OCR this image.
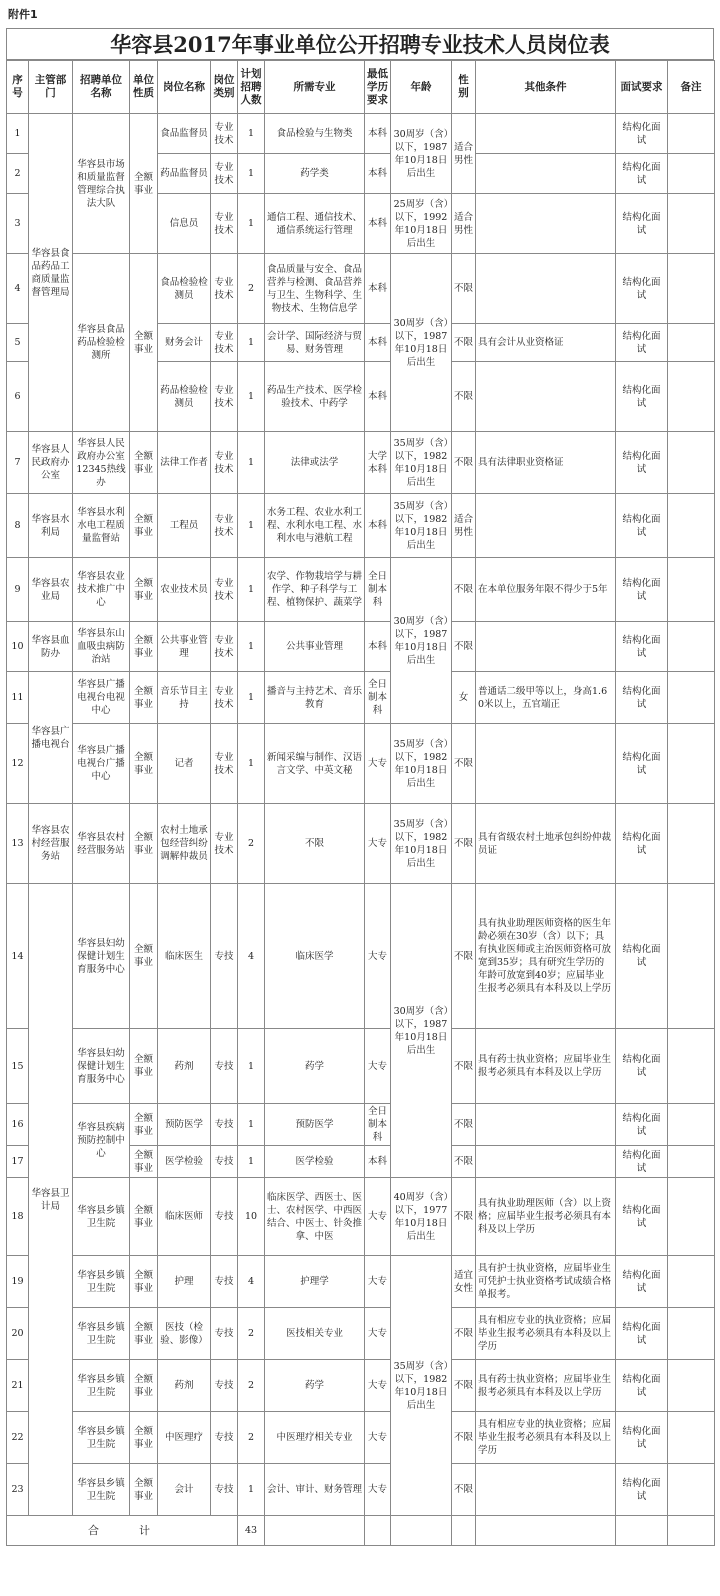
附件1
华容县2017年事业单位公开招聘专业技术人员岗位表
序号	主管部门	招聘单位名称	单位性质	岗位名称	岗位类别	计划招聘人数	所需专业	最低学历要求	年龄	性别	其他条件	面试要求	备注
1	华容县食品药品工商质量监督管理局	华容县市场和质量监督管理综合执法大队	全额事业	食品监督员	专业技术	1	食品检验与生物类	本科	30周岁（含）以下，1987年10月18日后出生	适合男性		结构化面试	
2				药品监督员	专业技术	1	药学类	本科				结构化面试	
3				信息员	专业技术	1	通信工程、通信技术、通信系统运行管理	本科	25周岁（含）以下，1992年10月18日后出生	适合男性		结构化面试	
4		华容县食品药品检验检测所	全额事业	食品检验检测员	专业技术	2	食品质量与安全、食品营养与检测、食品营养与卫生、生物科学、生物技术、生物信息学	本科	30周岁（含）以下，1987年10月18日后出生	不限		结构化面试	
5				财务会计	专业技术	1	会计学、国际经济与贸易、财务管理	本科		不限	具有会计从业资格证	结构化面试	
6				药品检验检测员	专业技术	1	药品生产技术、医学检验技术、中药学	本科		不限		结构化面试	
7	华容县人民政府办公室	华容县人民政府办公室12345热线办	全额事业	法律工作者	专业技术	1	法律或法学	大学本科	35周岁（含）以下，1982年10月18日后出生	不限	具有法律职业资格证	结构化面试	
8	华容县水利局	华容县水利水电工程质量监督站	全额事业	工程员	专业技术	1	水务工程、农业水利工程、水利水电工程、水利水电与港航工程	本科	35周岁（含）以下，1982年10月18日后出生	适合男性		结构化面试	
9	华容县农业局	华容县农业技术推广中心	全额事业	农业技术员	专业技术	1	农学、作物栽培学与耕作学、种子科学与工程、植物保护、蔬菜学	全日制本科	30周岁（含）以下，1987年10月18日后出生	不限	在本单位服务年限不得少于5年	结构化面试	
10	华容县血防办	华容县东山血吸虫病防治站	全额事业	公共事业管理	专业技术	1	公共事业管理	本科		不限		结构化面试	
11	华容县广播电视台	华容县广播电视台电视中心	全额事业	音乐节目主持	专业技术	1	播音与主持艺术、音乐教育	全日制本科		女	普通话二级甲等以上，身高1.60米以上，五官端正	结构化面试	
12		华容县广播电视台广播中心	全额事业	记者	专业技术	1	新闻采编与制作、汉语言文学、中英文秘	大专	35周岁（含）以下，1982年10月18日后出生	不限		结构化面试	
13	华容县农村经营服务站	华容县农村经营服务站	全额事业	农村土地承包经营纠纷调解仲裁员	专业技术	2	不限	大专	35周岁（含）以下，1982年10月18日后出生	不限	具有省级农村土地承包纠纷仲裁员证	结构化面试	
14	华容县卫计局	华容县妇幼保健计划生育服务中心	全额事业	临床医生	专技	4	临床医学	大专	30周岁（含）以下，1987年10月18日后出生	不限	具有执业助理医师资格的医生年龄必须在30岁（含）以下；具有执业医师或主治医师资格可放宽到35岁；具有研究生学历的年龄可放宽到40岁；应届毕业生报考必须具有本科及以上学历	结构化面试	
15		华容县妇幼保健计划生育服务中心	全额事业	药剂	专技	1	药学	大专		不限	具有药士执业资格；应届毕业生报考必须具有本科及以上学历	结构化面试	
16		华容县疾病预防控制中心	全额事业	预防医学	专技	1	预防医学	全日制本科		不限		结构化面试	
17			全额事业	医学检验	专技	1	医学检验	本科		不限		结构化面试	
18		华容县乡镇卫生院	全额事业	临床医师	专技	10	临床医学、西医士、医士、农村医学、中西医结合、中医士、针灸推拿、中医	大专	40周岁（含）以下，1977年10月18日后出生	不限	具有执业助理医师（含）以上资格；应届毕业生报考必须具有本科及以上学历	结构化面试	
19		华容县乡镇卫生院	全额事业	护理	专技	4	护理学	大专	35周岁（含）以下，1982年10月18日后出生	适宜女性	具有护士执业资格，应届毕业生可凭护士执业资格考试成绩合格单报考。	结构化面试	
20		华容县乡镇卫生院	全额事业	医技（检验、影像）	专技	2	医技相关专业	大专		不限	具有相应专业的执业资格；应届毕业生报考必须具有本科及以上学历	结构化面试	
21		华容县乡镇卫生院	全额事业	药剂	专技	2	药学	大专		不限	具有药士执业资格；应届毕业生报考必须具有本科及以上学历	结构化面试	
22		华容县乡镇卫生院	全额事业	中医理疗	专技	2	中医理疗相关专业	大专		不限	具有相应专业的执业资格；应届毕业生报考必须具有本科及以上学历	结构化面试	
23		华容县乡镇卫生院	全额事业	会计	专技	1	会计、审计、财务管理	大专		不限		结构化面试	
合　　计						43							
